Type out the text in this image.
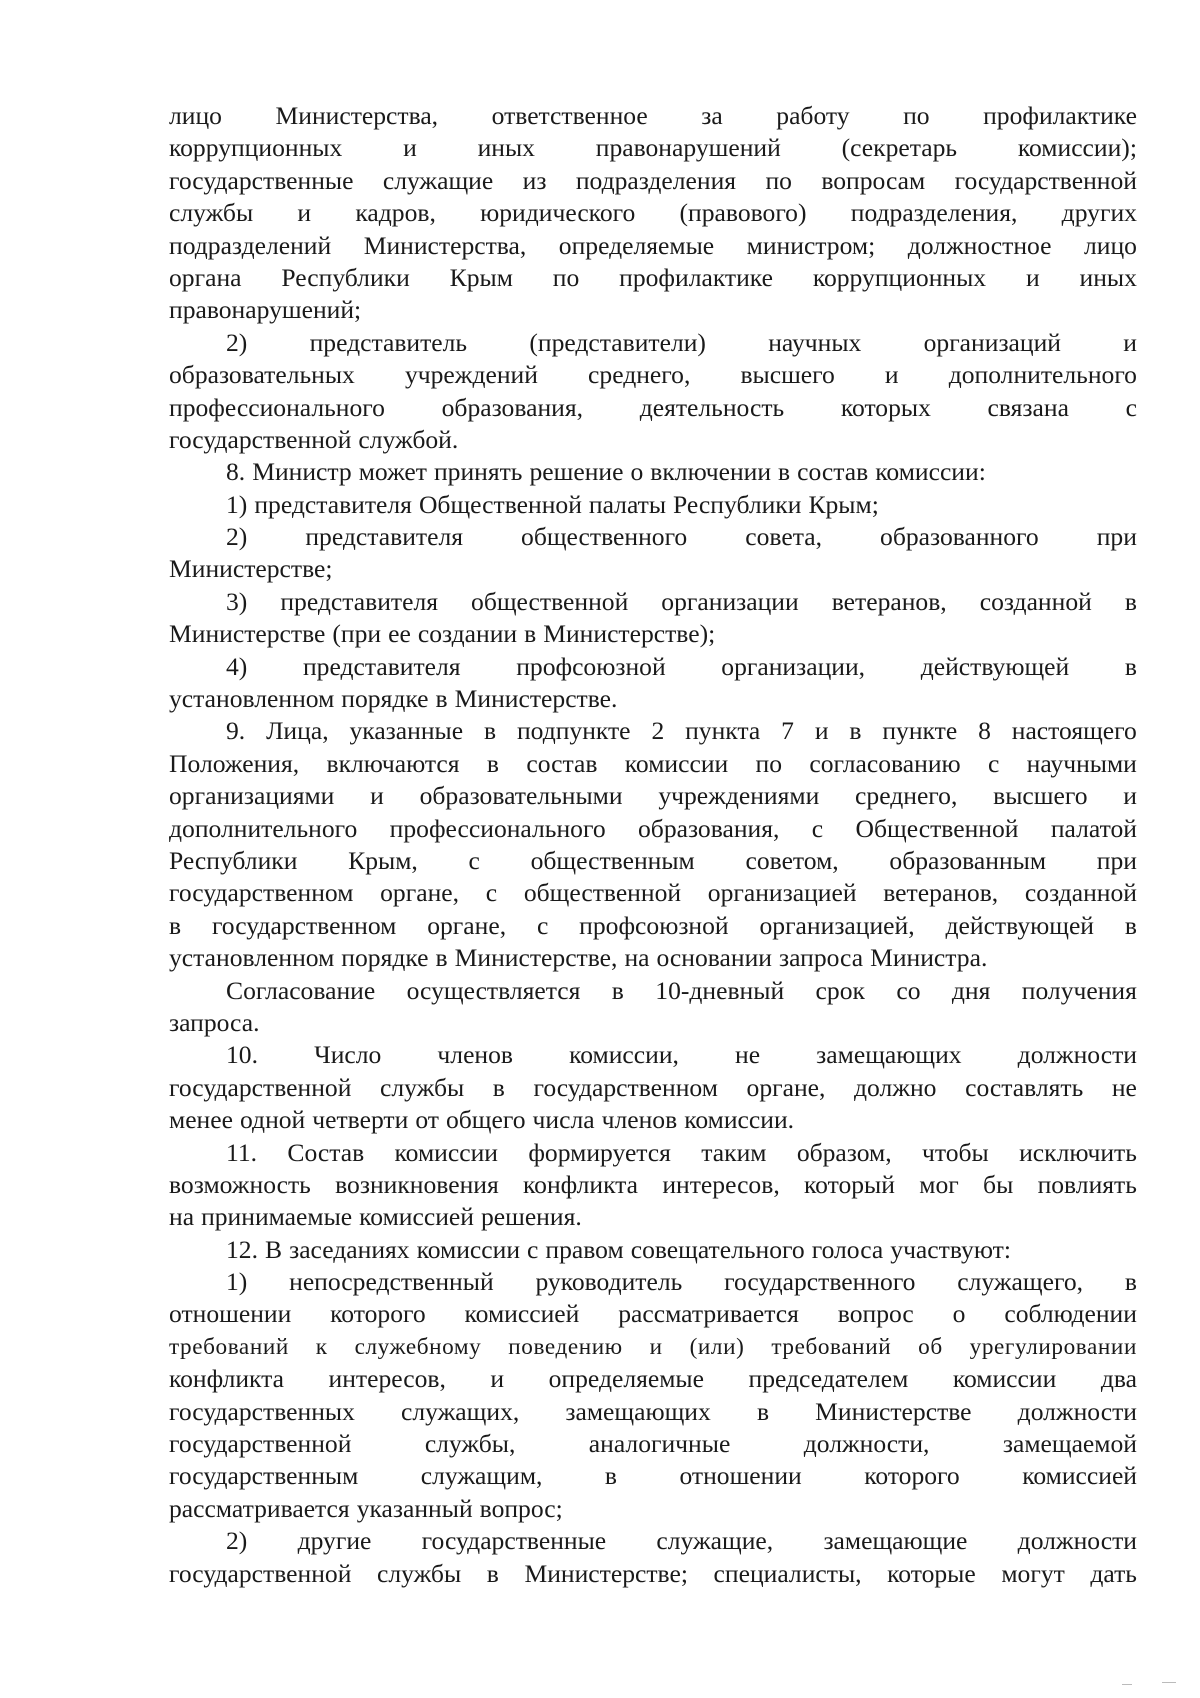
лицо Министерства, ответственное за работу по профилактике
коррупционных и иных правонарушений (секретарь комиссии);
государственные служащие из подразделения по вопросам государственной
службы и кадров, юридического (правового) подразделения, других
подразделений Министерства, определяемые министром; должностное лицо
органа Республики Крым по профилактике коррупционных и иных
правонарушений;
2) представитель (представители) научных организаций и
образовательных учреждений среднего, высшего и дополнительного
профессионального образования, деятельность которых связана с
государственной службой.
8. Министр может принять решение о включении в состав комиссии:
1) представителя Общественной палаты Республики Крым;
2) представителя общественного совета, образованного при
Министерстве;
3) представителя общественной организации ветеранов, созданной в
Министерстве (при ее создании в Министерстве);
4) представителя профсоюзной организации, действующей в
установленном порядке в Министерстве.
9. Лица, указанные в подпункте 2 пункта 7 и в пункте 8 настоящего
Положения, включаются в состав комиссии по согласованию с научными
организациями и образовательными учреждениями среднего, высшего и
дополнительного профессионального образования, с Общественной палатой
Республики Крым, с общественным советом, образованным при
государственном органе, с общественной организацией ветеранов, созданной
в государственном органе, с профсоюзной организацией, действующей в
установленном порядке в Министерстве, на основании запроса Министра.
Согласование осуществляется в 10-дневный срок со дня получения
запроса.
10. Число членов комиссии, не замещающих должности
государственной службы в государственном органе, должно составлять не
менее одной четверти от общего числа членов комиссии.
11. Состав комиссии формируется таким образом, чтобы исключить
возможность возникновения конфликта интересов, который мог бы повлиять
на принимаемые комиссией решения.
12. В заседаниях комиссии с правом совещательного голоса участвуют:
1) непосредственный руководитель государственного служащего, в
отношении которого комиссией рассматривается вопрос о соблюдении
требований к служебному поведению и (или) требований об урегулировании
конфликта интересов, и определяемые председателем комиссии два
государственных служащих, замещающих в Министерстве должности
государственной	службы,	аналогичные	должности,	замещаемой
государственным служащим, в отношении которого комиссией
рассматривается указанный вопрос;
2) другие государственные служащие, замещающие должности
государственной службы в Министерстве; специалисты, которые могут дать
